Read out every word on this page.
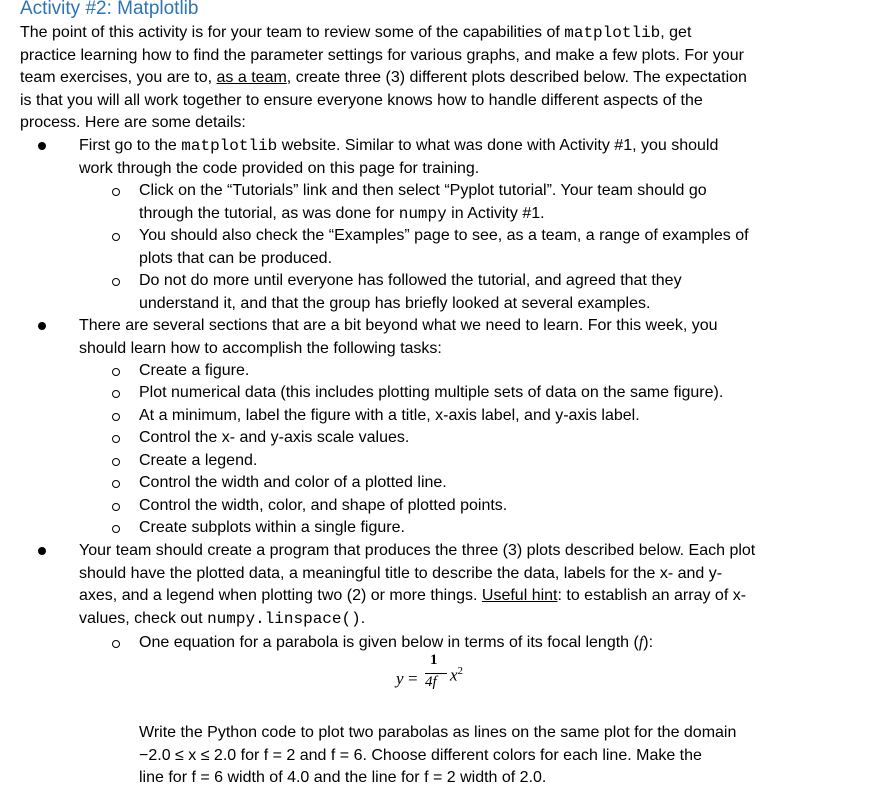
Activity #2: Matplotlib
The point of this activity is for your team to review some of the capabilities of matplotlib, get
practice learning how to find the parameter settings for various graphs, and make a few plots. For your
team exercises, you are to, as a team, create three (3) different plots described below. The expectation
is that you will all work together to ensure everyone knows how to handle different aspects of the
process. Here are some details:
First go to the matplotlib website. Similar to what was done with Activity #1, you should
work through the code provided on this page for training.
Click on the “Tutorials” link and then select “Pyplot tutorial”. Your team should go
through the tutorial, as was done for numpy in Activity #1.
You should also check the “Examples” page to see, as a team, a range of examples of
plots that can be produced.
Do not do more until everyone has followed the tutorial, and agreed that they
understand it, and that the group has briefly looked at several examples.
There are several sections that are a bit beyond what we need to learn. For this week, you
should learn how to accomplish the following tasks:
Create a figure.
Plot numerical data (this includes plotting multiple sets of data on the same figure).
At a minimum, label the figure with a title, x-axis label, and y-axis label.
Control the x- and y-axis scale values.
Create a legend.
Control the width and color of a plotted line.
Control the width, color, and shape of plotted points.
Create subplots within a single figure.
Your team should create a program that produces the three (3) plots described below. Each plot
should have the plotted data, a meaningful title to describe the data, labels for the x- and y-
axes, and a legend when plotting two (2) or more things. Useful hint: to establish an array of x-
values, check out numpy.linspace().
One equation for a parabola is given below in terms of its focal length (f):
y =
1
4f $x^2$
Write the Python code to plot two parabolas as lines on the same plot for the domain
−2.0 ≤ x ≤ 2.0 for f = 2 and f = 6. Choose different colors for each line. Make the
line for f = 6 width of 4.0 and the line for f = 2 width of 2.0.
